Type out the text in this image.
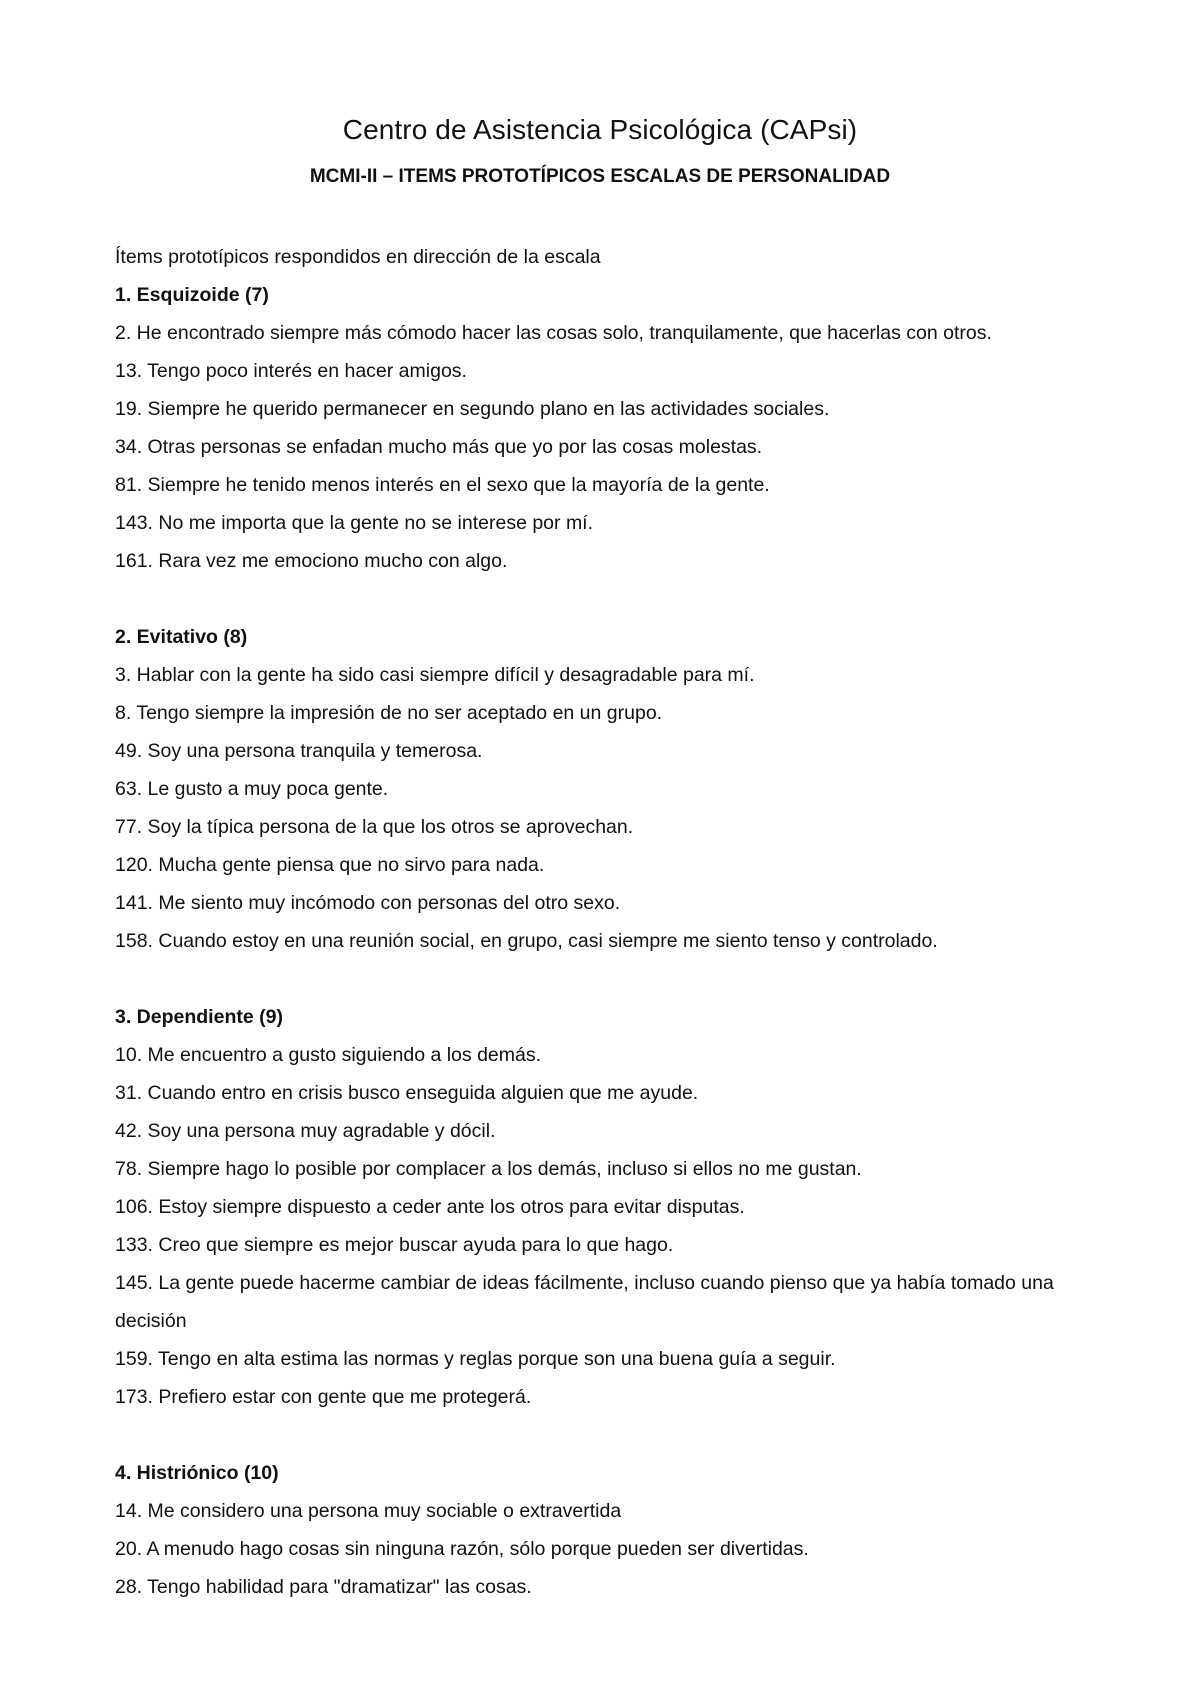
Centro de Asistencia Psicológica (CAPsi)
MCMI-II – ITEMS PROTOTÍPICOS ESCALAS DE PERSONALIDAD

Ítems prototípicos respondidos en dirección de la escala

1. Esquizoide (7)

2. He encontrado siempre más cómodo hacer las cosas solo, tranquilamente, que hacerlas con otros.

13. Tengo poco interés en hacer amigos.

19. Siempre he querido permanecer en segundo plano en las actividades sociales.

34. Otras personas se enfadan mucho más que yo por las cosas molestas.

81. Siempre he tenido menos interés en el sexo que la mayoría de la gente.

143. No me importa que la gente no se interese por mí.

161. Rara vez me emociono mucho con algo.

2. Evitativo (8)

3. Hablar con la gente ha sido casi siempre difícil y desagradable para mí.

8. Tengo siempre la impresión de no ser aceptado en un grupo.

49. Soy una persona tranquila y temerosa.

63. Le gusto a muy poca gente.

77. Soy la típica persona de la que los otros se aprovechan.

120. Mucha gente piensa que no sirvo para nada.

141. Me siento muy incómodo con personas del otro sexo.

158. Cuando estoy en una reunión social, en grupo, casi siempre me siento tenso y controlado.

3. Dependiente (9)

10. Me encuentro a gusto siguiendo a los demás.

31. Cuando entro en crisis busco enseguida alguien que me ayude.

42. Soy una persona muy agradable y dócil.

78. Siempre hago lo posible por complacer a los demás, incluso si ellos no me gustan.

106. Estoy siempre dispuesto a ceder ante los otros para evitar disputas.

133. Creo que siempre es mejor buscar ayuda para lo que hago.

145. La gente puede hacerme cambiar de ideas fácilmente, incluso cuando pienso que ya había tomado una decisión

159. Tengo en alta estima las normas y reglas porque son una buena guía a seguir.

173. Prefiero estar con gente que me protegerá.

4. Histriónico (10)

14. Me considero una persona muy sociable o extravertida

20. A menudo hago cosas sin ninguna razón, sólo porque pueden ser divertidas.

28. Tengo habilidad para "dramatizar" las cosas.
